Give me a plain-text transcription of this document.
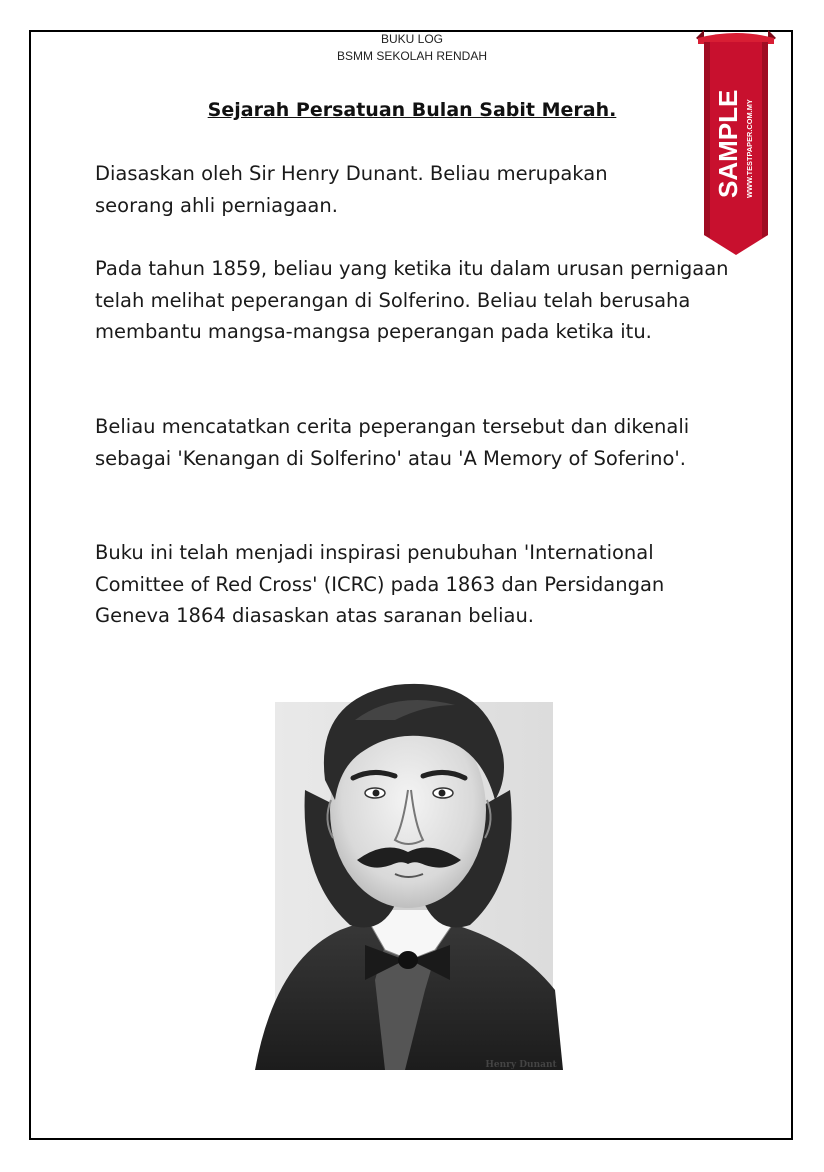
BUKU LOG
BSMM SEKOLAH RENDAH
Sejarah Persatuan Bulan Sabit Merah.

Diasaskan oleh Sir Henry Dunant. Beliau merupakan seorang ahli perniagaan.

Pada tahun 1859, beliau yang ketika itu dalam urusan pernigaan telah melihat peperangan di Solferino. Beliau telah berusaha membantu mangsa-mangsa peperangan pada ketika itu.

Beliau mencatatkan cerita peperangan tersebut dan dikenali sebagai 'Kenangan di Solferino' atau 'A Memory of Soferino'.

Buku ini telah menjadi inspirasi penubuhan 'International Comittee of Red Cross' (ICRC) pada 1863 dan Persidangan Geneva 1864 diasaskan atas saranan beliau.

SAMPLE WWW.TESTPAPER.COM.MY
Henry Dunant
